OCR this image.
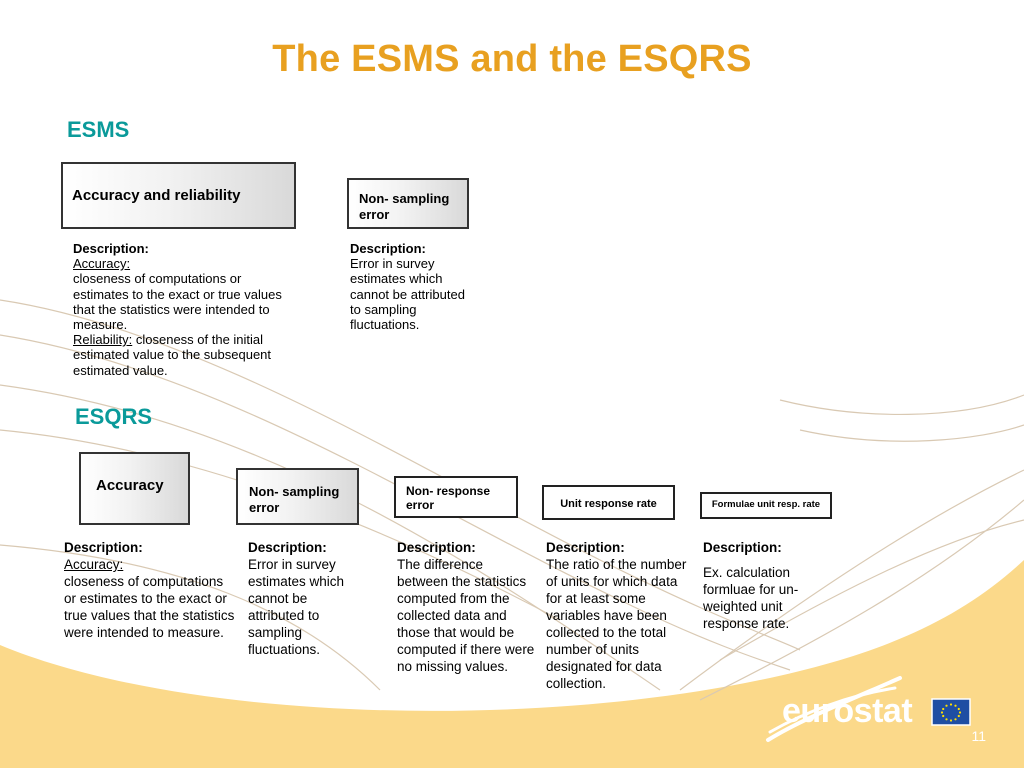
The ESMS and the ESQRS
ESMS
Accuracy and reliability	Non- sampling error
Description:
Accuracy:
closeness of computations or estimates to the exact or true values that the statistics were intended to measure.
Reliability: closeness of the initial estimated value to the subsequent estimated value.
Description:
Error in survey estimates which cannot be attributed to sampling fluctuations.
ESQRS
Accuracy	Non- sampling error
Non- response error	Unit response rate	Formulae unit resp. rate
Description:
Accuracy:
closeness of computations or estimates to the exact or true values that the statistics were intended to measure.
Description:
Error in survey estimates which cannot be attributed to sampling fluctuations.
Description:
The difference between the statistics computed from the collected data and those that would be computed if there were no missing values.
Description:
The ratio of the number of units for which data for at least some variables have been collected to the total number of units designated for data collection.
Description:
Ex. calculation formluae for un-weighted unit response rate.
eurostat
11
